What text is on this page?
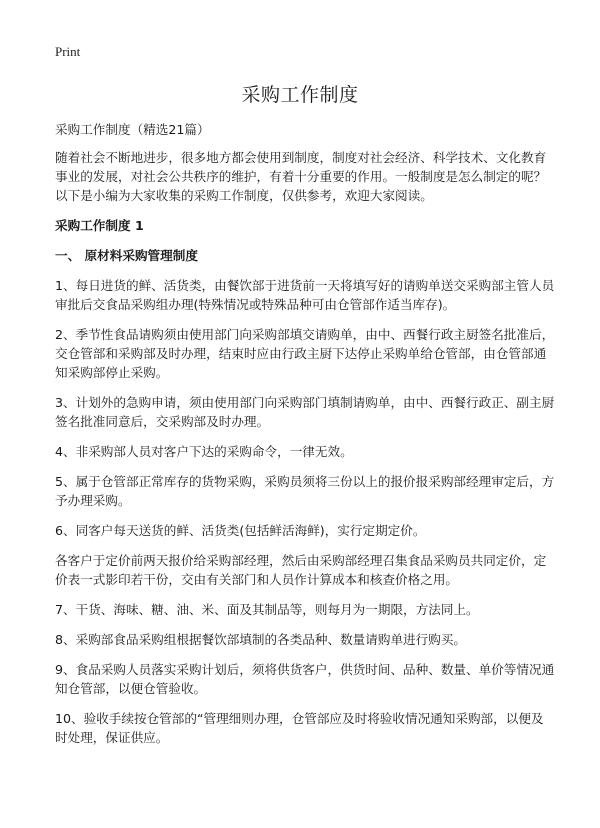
Print
采购工作制度

采购工作制度（精选21篇）

随着社会不断地进步，很多地方都会使用到制度，制度对社会经济、科学技术、文化教育事业的发展，对社会公共秩序的维护，有着十分重要的作用。一般制度是怎么制定的呢？以下是小编为大家收集的采购工作制度，仅供参考，欢迎大家阅读。

采购工作制度 1

一、 原材料采购管理制度

1、每日进货的鲜、活货类，由餐饮部于进货前一天将填写好的请购单送交采购部主管人员审批后交食品采购组办理(特殊情况或特殊品种可由仓管部作适当库存)。

2、季节性食品请购须由使用部门向采购部填交请购单，由中、西餐行政主厨签名批准后，交仓管部和采购部及时办理，结束时应由行政主厨下达停止采购单给仓管部，由仓管部通知采购部停止采购。

3、计划外的急购申请，须由使用部门向采购部门填制请购单，由中、西餐行政正、副主厨签名批准同意后，交采购部及时办理。

4、非采购部人员对客户下达的采购命令，一律无效。

5、属于仓管部正常库存的货物采购，采购员须将三份以上的报价报采购部经理审定后，方予办理采购。

6、同客户每天送货的鲜、活货类(包括鲜活海鲜)，实行定期定价。

各客户于定价前两天报价给采购部经理，然后由采购部经理召集食品采购员共同定价，定价表一式影印若干份，交由有关部门和人员作计算成本和核查价格之用。

7、干货、海味、糖、油、米、面及其制品等，则每月为一期限，方法同上。

8、采购部食品采购组根据餐饮部填制的各类品种、数量请购单进行购买。

9、食品采购人员落实采购计划后，须将供货客户，供货时间、品种、数量、单价等情况通知仓管部，以便仓管验收。

10、验收手续按仓管部的“管理细则办理，仓管部应及时将验收情况通知采购部，以便及时处理，保证供应。
